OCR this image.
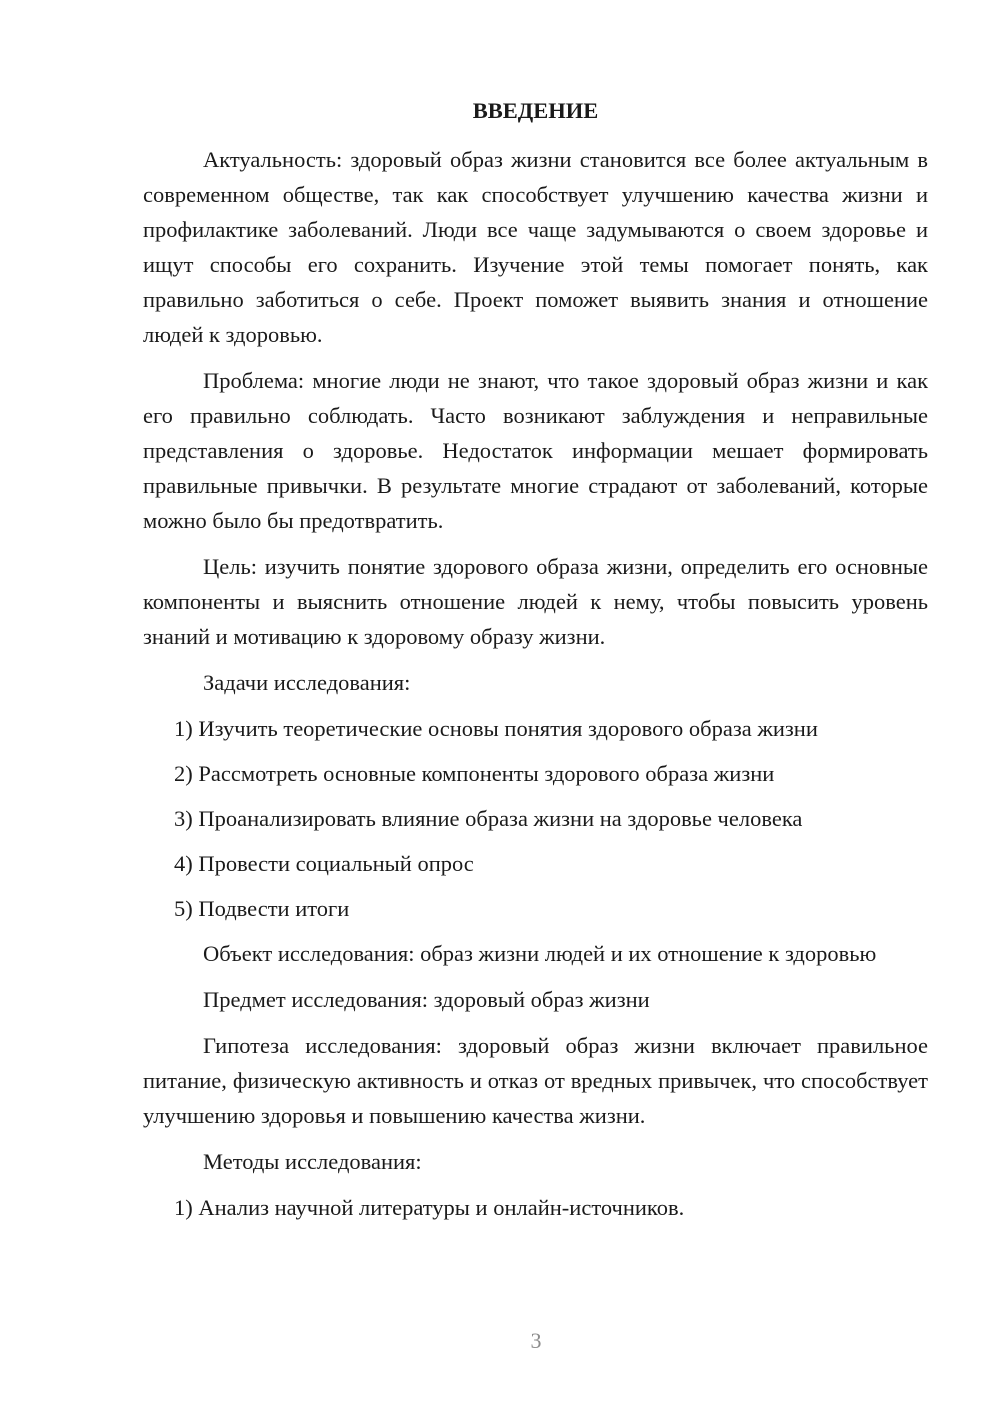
ВВЕДЕНИЕ

Актуальность: здоровый образ жизни становится все более актуальным в современном обществе, так как способствует улучшению качества жизни и профилактике заболеваний. Люди все чаще задумываются о своем здоровье и ищут способы его сохранить. Изучение этой темы помогает понять, как правильно заботиться о себе. Проект поможет выявить знания и отношение людей к здоровью.

Проблема: многие люди не знают, что такое здоровый образ жизни и как его правильно соблюдать. Часто возникают заблуждения и неправильные представления о здоровье. Недостаток информации мешает формировать правильные привычки. В результате многие страдают от заболеваний, которые можно было бы предотвратить.

Цель: изучить понятие здорового образа жизни, определить его основные компоненты и выяснить отношение людей к нему, чтобы повысить уровень знаний и мотивацию к здоровому образу жизни.

Задачи исследования:

1) Изучить теоретические основы понятия здорового образа жизни

2) Рассмотреть основные компоненты здорового образа жизни

3) Проанализировать влияние образа жизни на здоровье человека

4) Провести социальный опрос

5) Подвести итоги

Объект исследования: образ жизни людей и их отношение к здоровью

Предмет исследования: здоровый образ жизни

Гипотеза исследования: здоровый образ жизни включает правильное питание, физическую активность и отказ от вредных привычек, что способствует улучшению здоровья и повышению качества жизни.

Методы исследования:

1) Анализ научной литературы и онлайн-источников.

3
